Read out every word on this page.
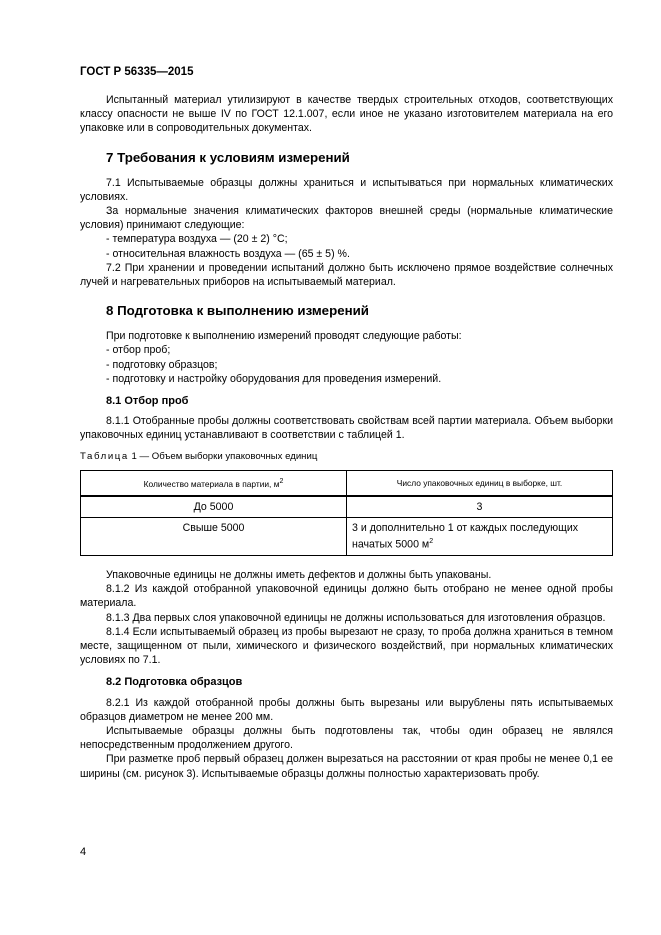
ГОСТ Р 56335—2015

Испытанный материал утилизируют в качестве твердых строительных отходов, соответствующих классу опасности не выше IV по ГОСТ 12.1.007, если иное не указано изготовителем материала на его упаковке или в сопроводительных документах.

7 Требования к условиям измерений

7.1 Испытываемые образцы должны храниться и испытываться при нормальных климатических условиях.

За нормальные значения климатических факторов внешней среды (нормальные климатические условия) принимают следующие:

- температура воздуха — (20 ± 2) °С;

- относительная влажность воздуха — (65 ± 5) %.

7.2 При хранении и проведении испытаний должно быть исключено прямое воздействие солнечных лучей и нагревательных приборов на испытываемый материал.

8 Подготовка к выполнению измерений

При подготовке к выполнению измерений проводят следующие работы:

- отбор проб;

- подготовку образцов;

- подготовку и настройку оборудования для проведения измерений.

8.1 Отбор проб

8.1.1 Отобранные пробы должны соответствовать свойствам всей партии материала. Объем выборки упаковочных единиц устанавливают в соответствии с таблицей 1.

Таблица 1 — Объем выборки упаковочных единиц
Количество материала в партии, $м^2$	Число упаковочных единиц в выборке, шт.
До 5000	3
Свыше 5000	3 и дополнительно 1 от каждых последующих начатых 5000 $м^2$

Упаковочные единицы не должны иметь дефектов и должны быть упакованы.

8.1.2 Из каждой отобранной упаковочной единицы должно быть отобрано не менее одной пробы материала.

8.1.3 Два первых слоя упаковочной единицы не должны использоваться для изготовления образцов.

8.1.4 Если испытываемый образец из пробы вырезают не сразу, то проба должна храниться в темном месте, защищенном от пыли, химического и физического воздействий, при нормальных климатических условиях по 7.1.

8.2 Подготовка образцов

8.2.1 Из каждой отобранной пробы должны быть вырезаны или вырублены пять испытываемых образцов диаметром не менее 200 мм.

Испытываемые образцы должны быть подготовлены так, чтобы один образец не являлся непосредственным продолжением другого.

При разметке проб первый образец должен вырезаться на расстоянии от края пробы не менее 0,1 ее ширины (см. рисунок 3). Испытываемые образцы должны полностью характеризовать пробу.

4
